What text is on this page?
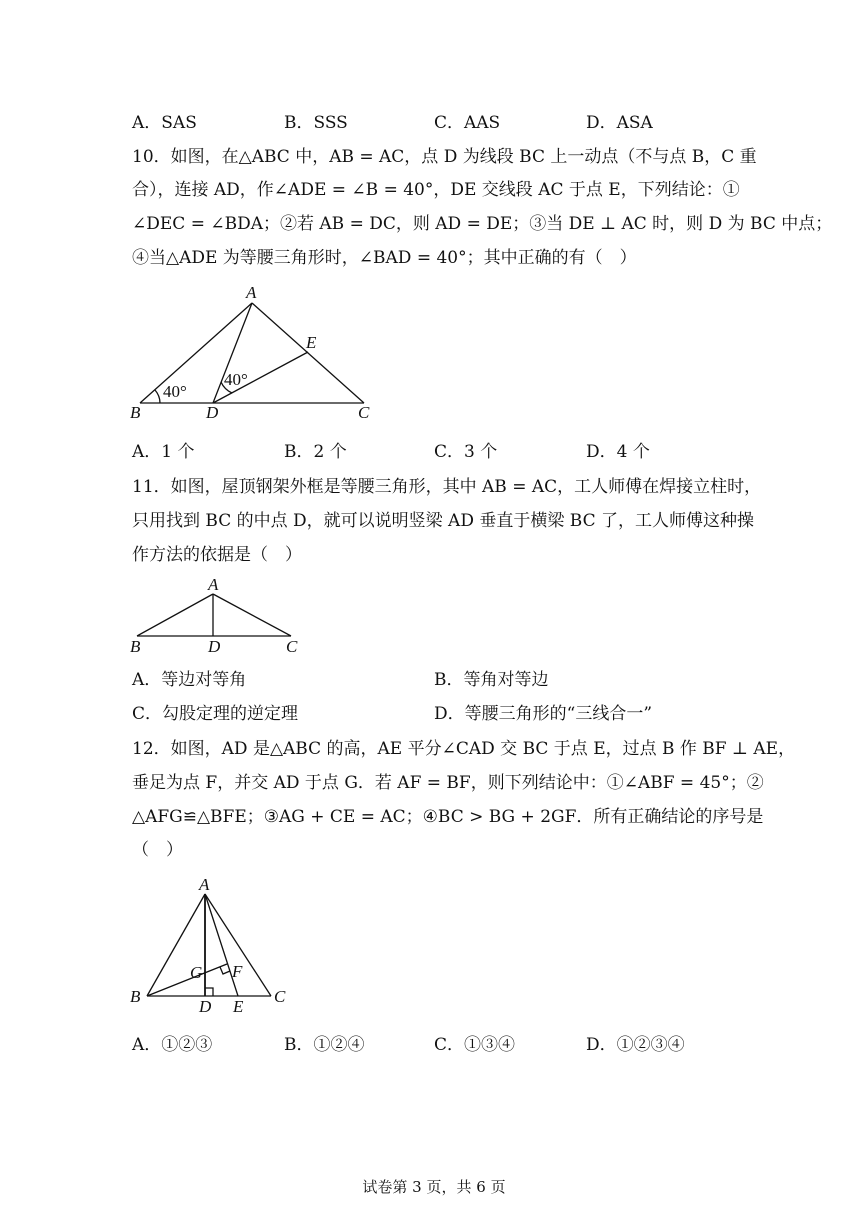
A．SAS	B．SSS	C．AAS	D．ASA
10．如图，在△ABC 中，AB = AC，点 D 为线段 BC 上一动点（不与点 B，C 重
合），连接 AD，作∠ADE = ∠B = 40°，DE 交线段 AC 于点 E，下列结论：①
∠DEC = ∠BDA；②若 AB = DC，则 AD = DE；③当 DE ⊥ AC 时，则 D 为 BC 中点；
④当△ADE 为等腰三角形时，∠BAD = 40°；其中正确的有（　）
A
B	C
D
E
40°
40°
A．1 个	B．2 个	C．3 个	D．4 个
11．如图，屋顶钢架外框是等腰三角形，其中 AB = AC，工人师傅在焊接立柱时，
只用找到 BC 的中点 D，就可以说明竖梁 AD 垂直于横梁 BC 了，工人师傅这种操
作方法的依据是（　）
A
B	C
D
A．等边对等角	B．等角对等边
C．勾股定理的逆定理	D．等腰三角形的“三线合一”
12．如图，AD 是△ABC 的高，AE 平分∠CAD 交 BC 于点 E，过点 B 作 BF ⊥ AE，
垂足为点 F，并交 AD 于点 G．若 AF = BF，则下列结论中：①∠ABF = 45°；②
△AFG≌△BFE；③AG + CE = AC；④BC > BG + 2GF．所有正确结论的序号是
（　）
A
B	C
D E
F
G
A．①②③	B．①②④	C．①③④	D．①②③④
试卷第 3 页，共 6 页
